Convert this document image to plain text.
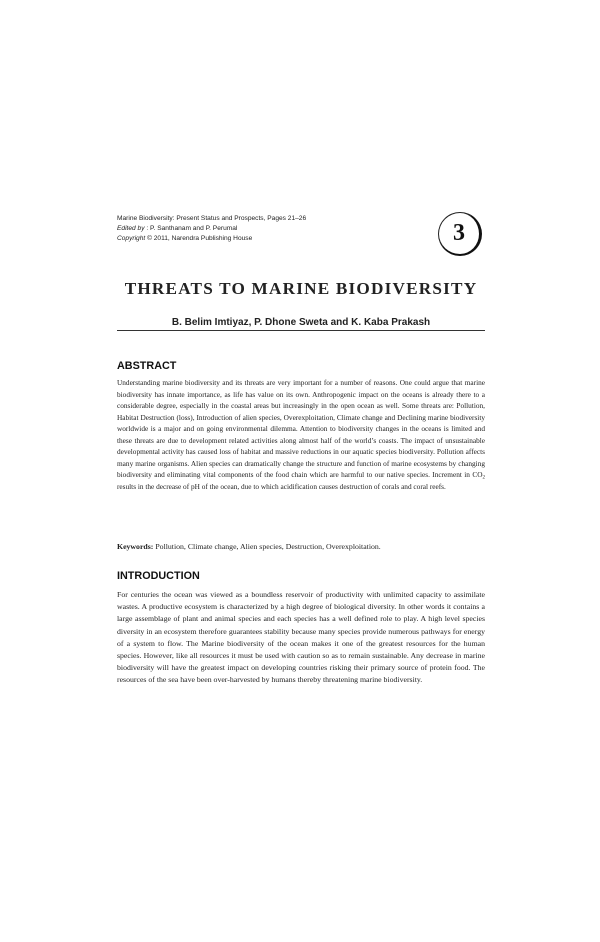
Marine Biodiversity: Present Status and Prospects, Pages 21–26
Edited by : P. Santhanam and P. Perumal
Copyright © 2011, Narendra Publishing House	3
THREATS TO MARINE BIODIVERSITY
B. Belim Imtiyaz, P. Dhone Sweta and K. Kaba Prakash
ABSTRACT
Understanding marine biodiversity and its threats are very important for a number of reasons. One could argue that marine biodiversity has innate importance, as life has value on its own. Anthropogenic impact on the oceans is already there to a considerable degree, especially in the coastal areas but increasingly in the open ocean as well. Some threats are: Pollution, Habitat Destruction (loss), Introduction of alien species, Overexploitation, Climate change and Declining marine biodiversity worldwide is a major and on going environmental dilemma. Attention to biodiversity changes in the oceans is limited and these threats are due to development related activities along almost half of the world’s coasts. The impact of unsustainable developmental activity has caused loss of habitat and massive reductions in our aquatic species biodiversity. Pollution affects many marine organisms. Alien species can dramatically change the structure and function of marine ecosystems by changing biodiversity and eliminating vital components of the food chain which are harmful to our native species. Increment in $CO_2$ results in the decrease of pH of the ocean, due to which acidification causes destruction of corals and coral reefs.
Keywords: Pollution, Climate change, Alien species, Destruction, Overexploitation.
INTRODUCTION
For centuries the ocean was viewed as a boundless reservoir of productivity with unlimited capacity to assimilate wastes. A productive ecosystem is characterized by a high degree of biological diversity. In other words it contains a large assemblage of plant and animal species and each species has a well defined role to play. A high level species diversity in an ecosystem therefore guarantees stability because many species provide numerous pathways for energy of a system to flow. The Marine biodiversity of the ocean makes it one of the greatest resources for the human species. However, like all resources it must be used with caution so as to remain sustainable. Any decrease in marine biodiversity will have the greatest impact on developing countries risking their primary source of protein food. The resources of the sea have been over-harvested by humans thereby threatening marine biodiversity.
